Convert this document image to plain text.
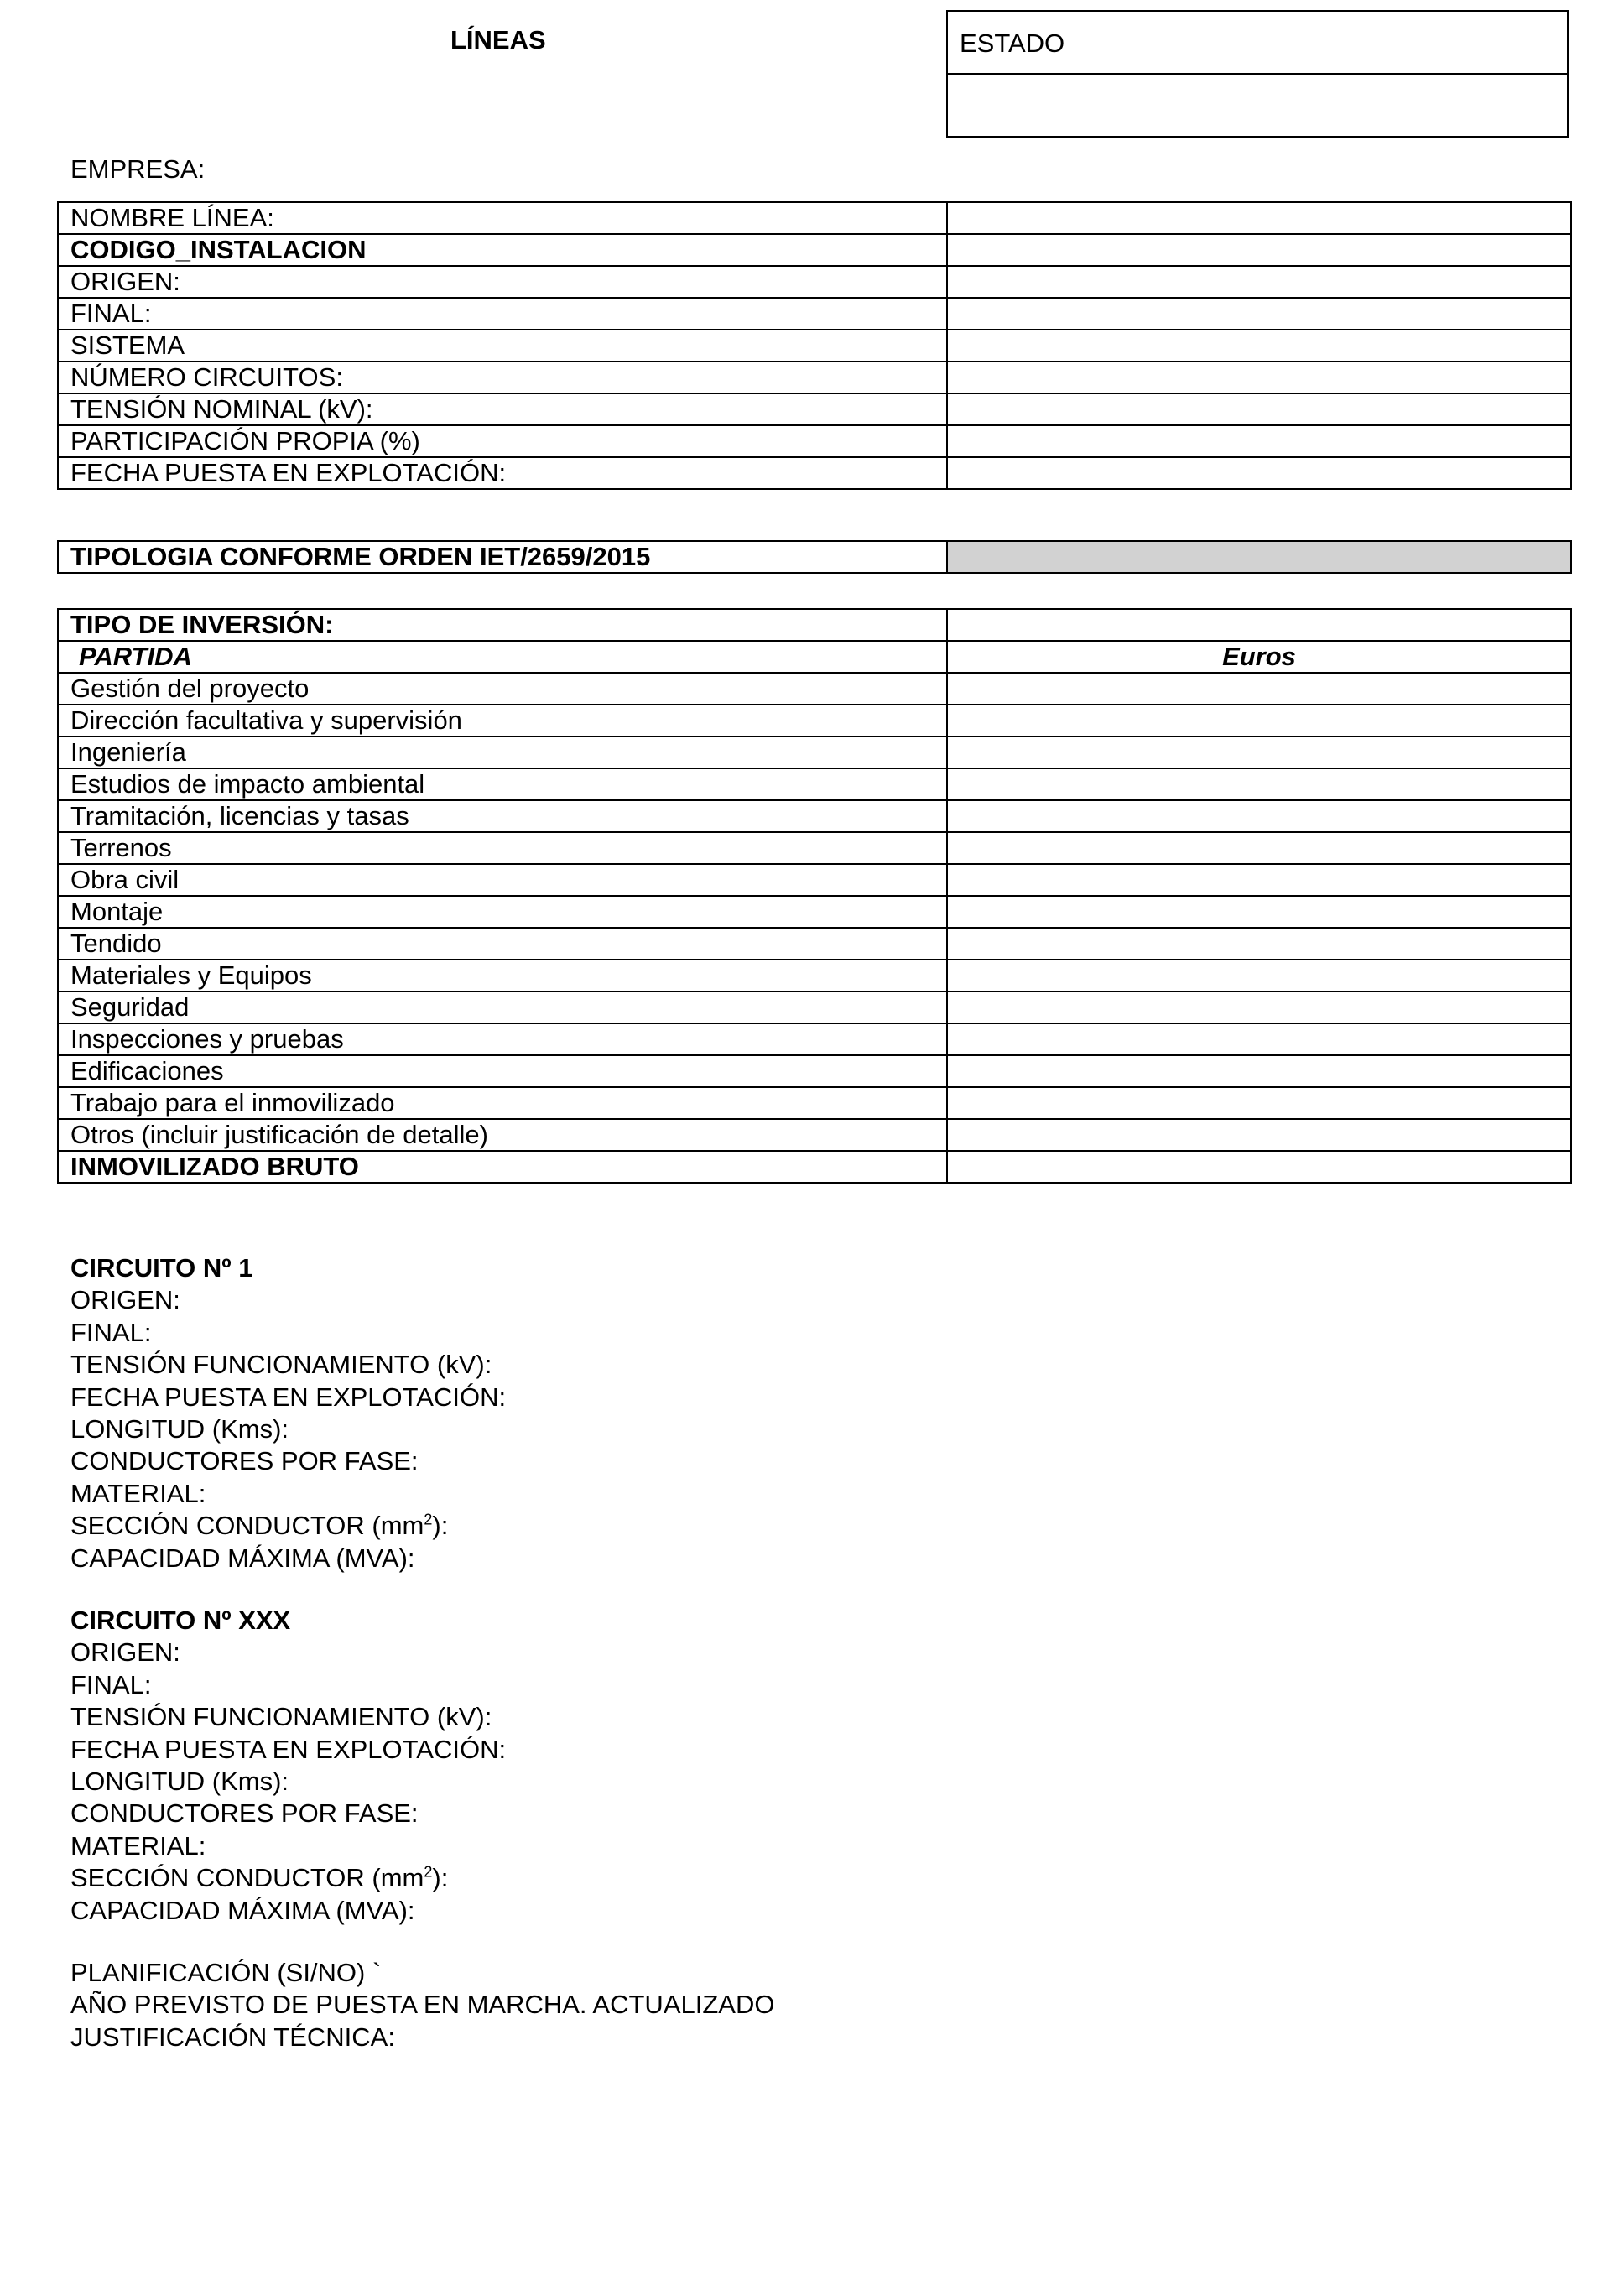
LÍNEAS	ESTADO
EMPRESA:
NOMBRE LÍNEA:	
CODIGO_INSTALACION	
ORIGEN:	
FINAL:	
SISTEMA	
NÚMERO CIRCUITOS:	
TENSIÓN NOMINAL (kV):	
PARTICIPACIÓN PROPIA (%)	
FECHA PUESTA EN EXPLOTACIÓN:	
TIPOLOGIA CONFORME ORDEN IET/2659/2015	
TIPO DE INVERSIÓN:	
PARTIDA	Euros
Gestión del proyecto	
Dirección facultativa y supervisión	
Ingeniería	
Estudios de impacto ambiental	
Tramitación, licencias y tasas	
Terrenos	
Obra civil	
Montaje	
Tendido	
Materiales y Equipos	
Seguridad	
Inspecciones y pruebas	
Edificaciones	
Trabajo para el inmovilizado	
Otros (incluir justificación de detalle)	
INMOVILIZADO BRUTO	
CIRCUITO Nº 1
ORIGEN:
FINAL:
TENSIÓN FUNCIONAMIENTO (kV):
FECHA PUESTA EN EXPLOTACIÓN:
LONGITUD (Kms):
CONDUCTORES POR FASE:
MATERIAL:
SECCIÓN CONDUCTOR $(mm^2)$:
CAPACIDAD MÁXIMA (MVA):
CIRCUITO Nº XXX
ORIGEN:
FINAL:
TENSIÓN FUNCIONAMIENTO (kV):
FECHA PUESTA EN EXPLOTACIÓN:
LONGITUD (Kms):
CONDUCTORES POR FASE:
MATERIAL:
SECCIÓN CONDUCTOR $(mm^2)$:
CAPACIDAD MÁXIMA (MVA):
PLANIFICACIÓN (SI/NO) `
AÑO PREVISTO DE PUESTA EN MARCHA. ACTUALIZADO
JUSTIFICACIÓN TÉCNICA:
